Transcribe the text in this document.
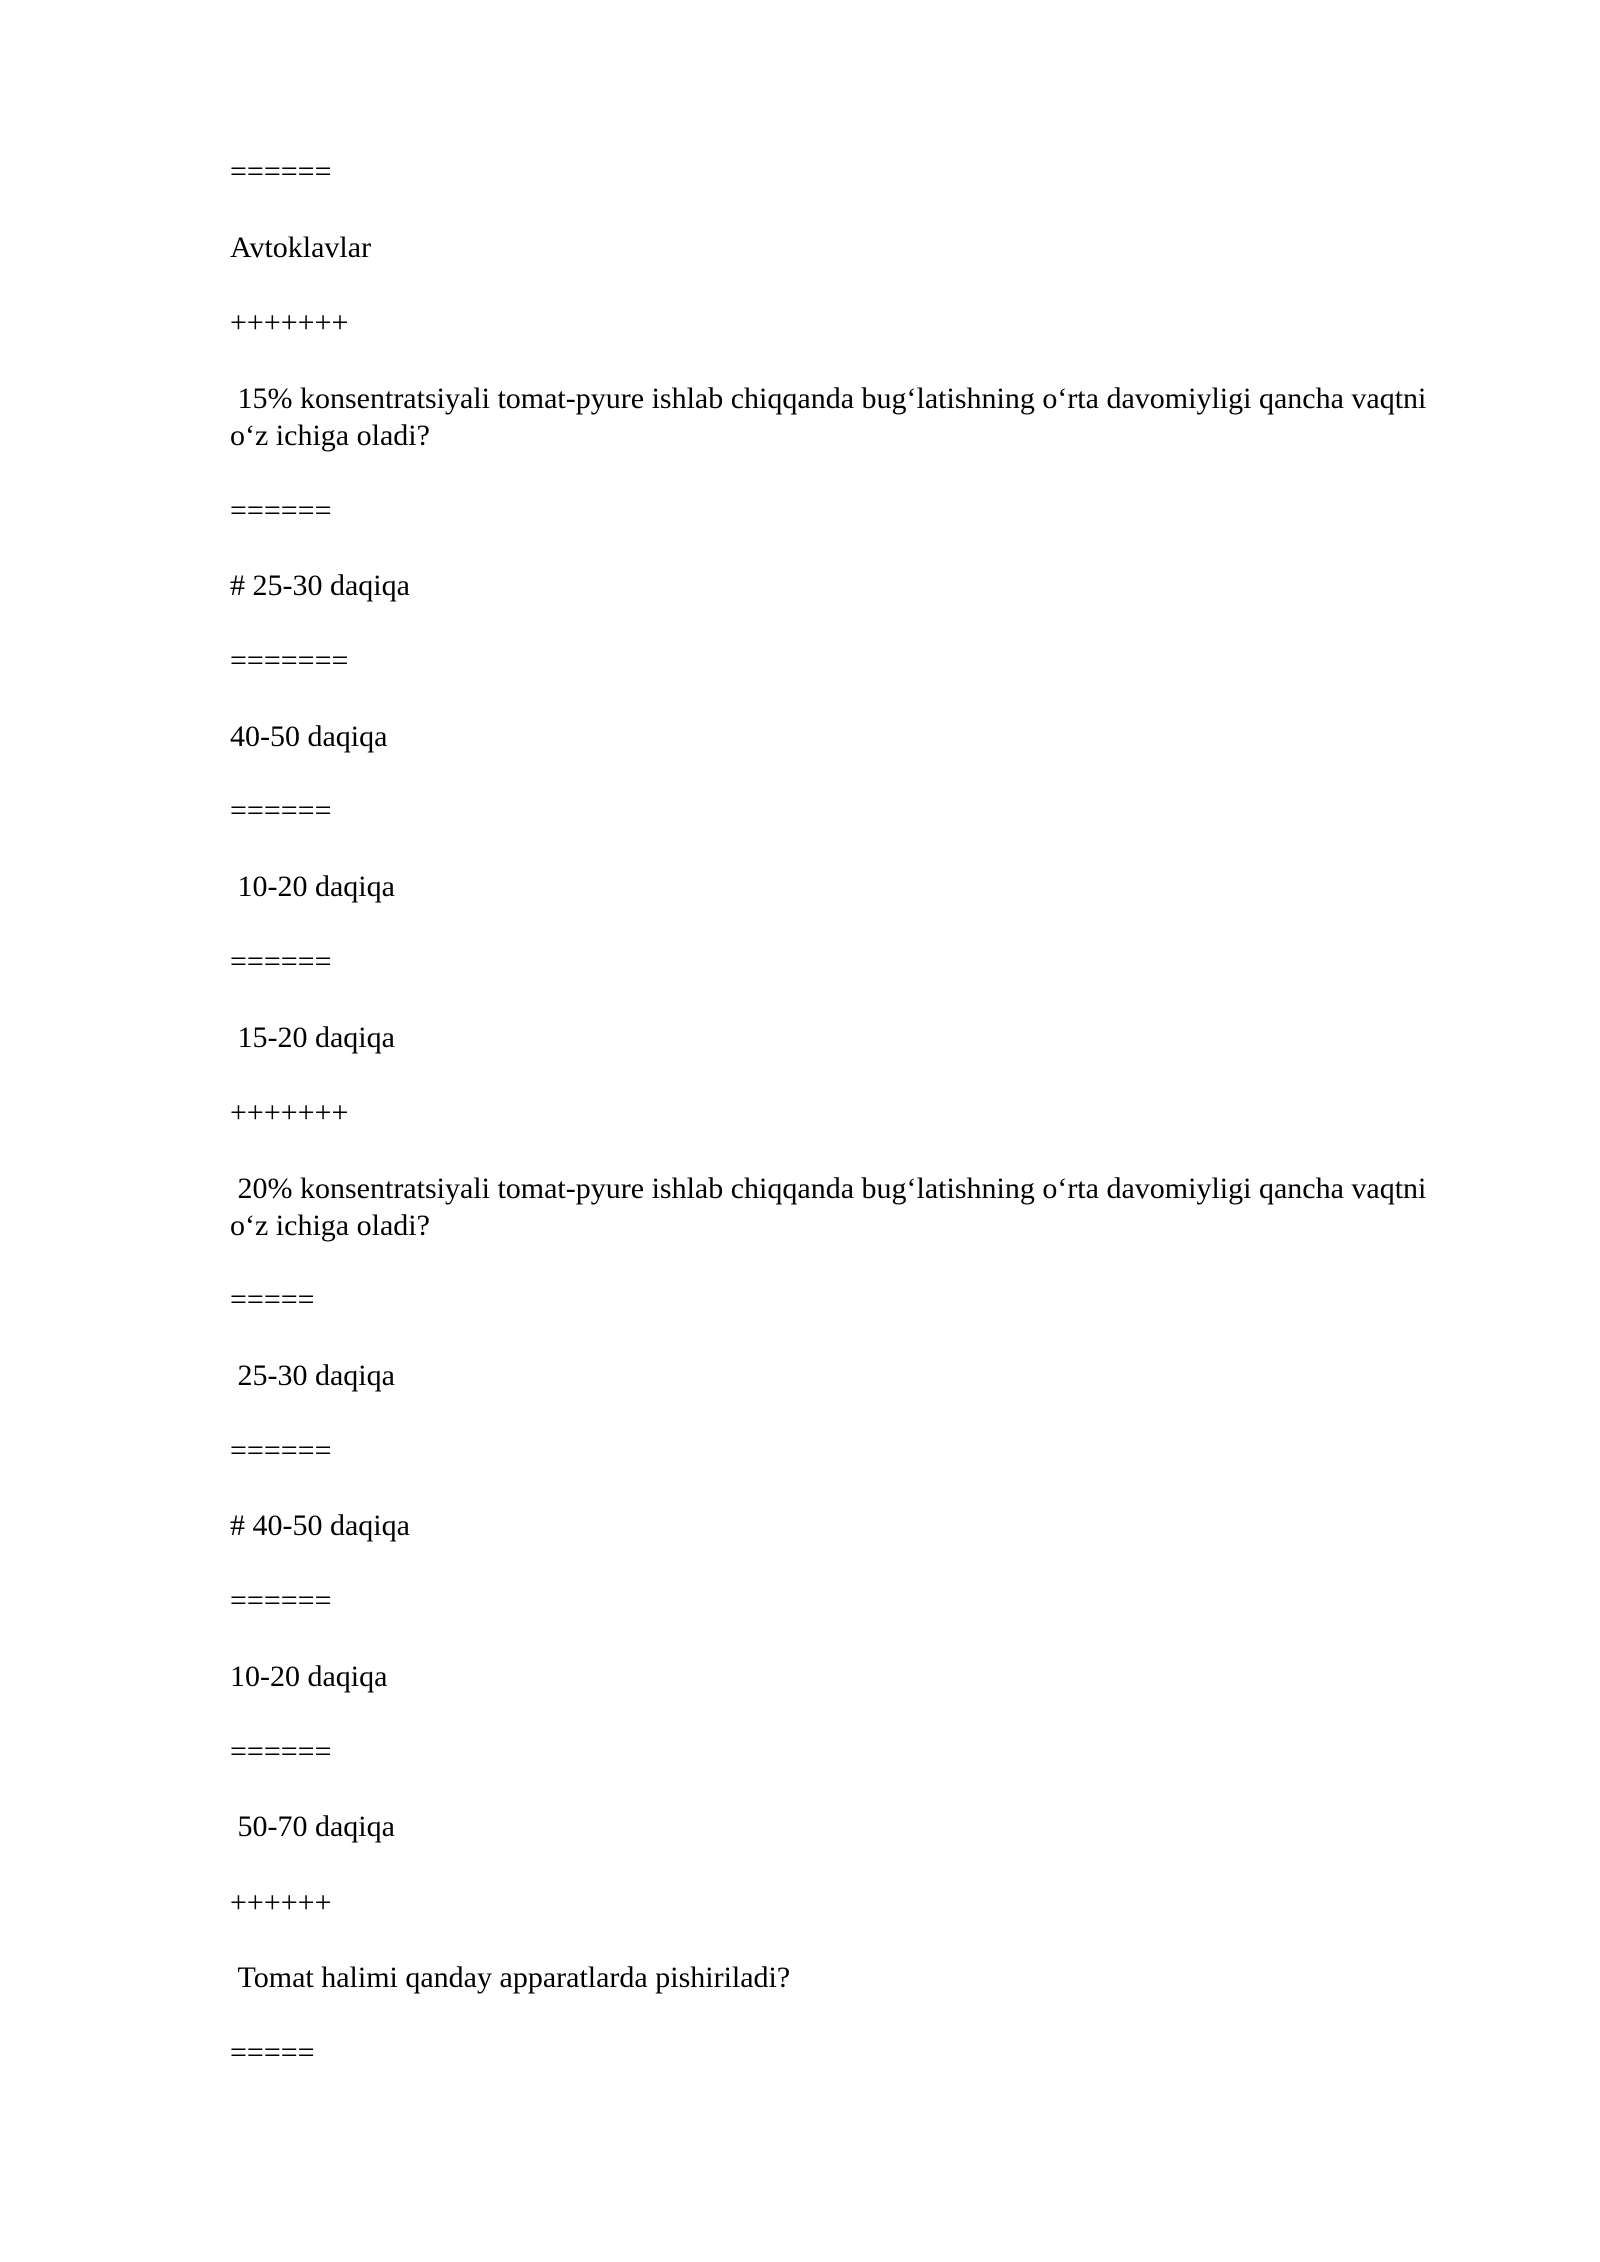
======

Avtoklavlar

+++++++

15% konsentratsiyali tomat-pyure ishlab chiqqanda bug‘latishning o‘rta davomiyligi qancha vaqtni o‘z ichiga oladi?

======

# 25-30 daqiqa

=======

40-50 daqiqa

======

10-20 daqiqa

======

15-20 daqiqa

+++++++

20% konsentratsiyali tomat-pyure ishlab chiqqanda bug‘latishning o‘rta davomiyligi qancha vaqtni o‘z ichiga oladi?

=====

25-30 daqiqa

======

# 40-50 daqiqa

======

10-20 daqiqa

======

50-70 daqiqa

++++++

Tomat halimi qanday apparatlarda pishiriladi?

=====
